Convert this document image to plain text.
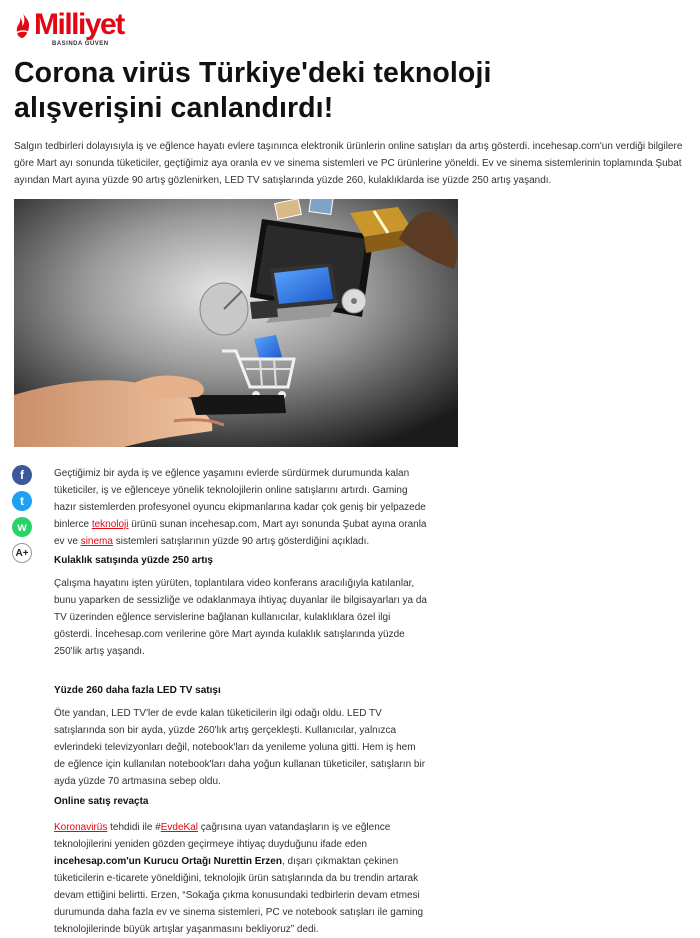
Milliyet
BASINDA GÜVEN
Corona virüs Türkiye'deki teknoloji alışverişini canlandırdı!

Salgın tedbirleri dolayısıyla iş ve eğlence hayatı evlere taşınınca elektronik ürünlerin online satışları da artış gösterdi. incehesap.com'un verdiği bilgilere göre Mart ayı sonunda tüketiciler, geçtiğimiz aya oranla ev ve sinema sistemleri ve PC ürünlerine yöneldi. Ev ve sinema sistemlerinin toplamında Şubat ayından Mart ayına yüzde 90 artış gözlenirken, LED TV satışlarında yüzde 260, kulaklıklarda ise yüzde 250 artış yaşandı.

f
t
w
A+

Geçtiğimiz bir ayda iş ve eğlence yaşamını evlerde sürdürmek durumunda kalan tüketiciler, iş ve eğlenceye yönelik teknolojilerin online satışlarını artırdı. Gaming hazır sistemlerden profesyonel oyuncu ekipmanlarına kadar çok geniş bir yelpazede binlerce teknoloji ürünü sunan incehesap.com, Mart ayı sonunda Şubat ayına oranla ev ve sinema sistemleri satışlarının yüzde 90 artış gösterdiğini açıkladı.

Kulaklık satışında yüzde 250 artış

Çalışma hayatını işten yürüten, toplantılara video konferans aracılığıyla katılanlar, bunu yaparken de sessizliğe ve odaklanmaya ihtiyaç duyanlar ile bilgisayarları ya da TV üzerinden eğlence servislerine bağlanan kullanıcılar, kulaklıklara özel ilgi gösterdi. İncehesap.com verilerine göre Mart ayında kulaklık satışlarında yüzde 250'lik artış yaşandı.

Yüzde 260 daha fazla LED TV satışı

Öte yandan, LED TV'ler de evde kalan tüketicilerin ilgi odağı oldu. LED TV satışlarında son bir ayda, yüzde 260'lık artış gerçekleşti. Kullanıcılar, yalnızca evlerindeki televizyonları değil, notebook'ları da yenileme yoluna gitti. Hem iş hem de eğlence için kullanılan notebook'ları daha yoğun kullanan tüketiciler, satışların bir ayda yüzde 70 artmasına sebep oldu.

Online satış revaçta

Koronavirüs tehdidi ile #EvdeKal çağrısına uyan vatandaşların iş ve eğlence teknolojilerini yeniden gözden geçirmeye ihtiyaç duyduğunu ifade eden incehesap.com'un Kurucu Ortağı Nurettin Erzen, dışarı çıkmaktan çekinen tüketicilerin e-ticarete yöneldiğini, teknolojik ürün satışlarında da bu trendin artarak devam ettiğini belirtti. Erzen, “Sokağa çıkma konusundaki tedbirlerin devam etmesi durumunda daha fazla ev ve sinema sistemleri, PC ve notebook satışları ile gaming teknolojilerinde büyük artışlar yaşanmasını bekliyoruz” dedi.
